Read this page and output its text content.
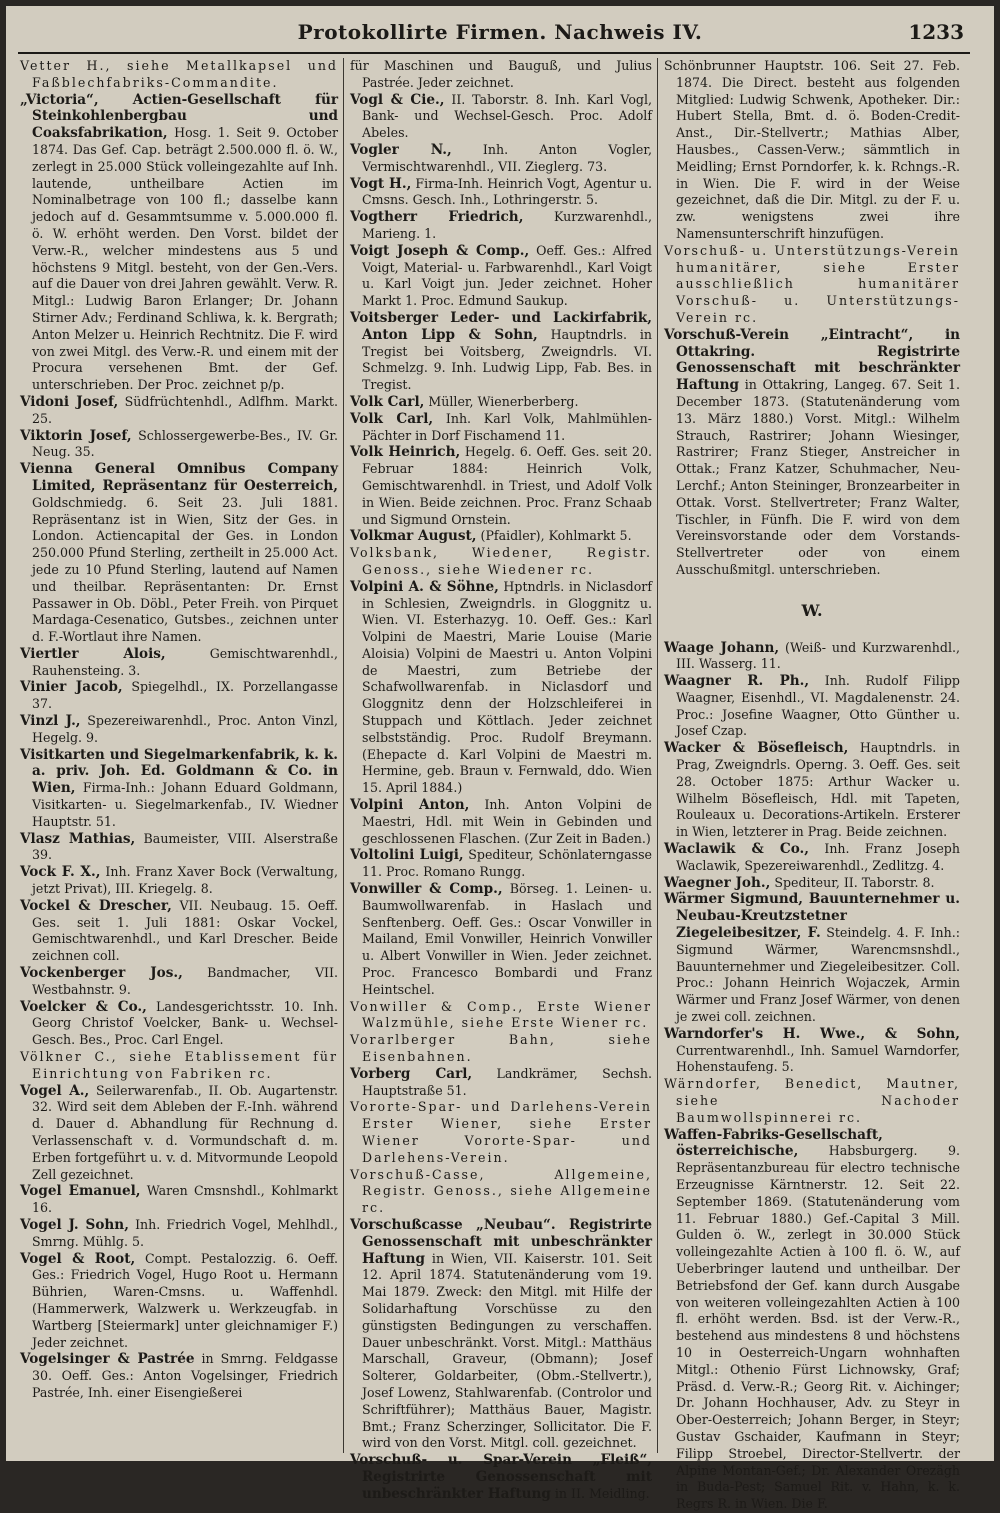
Protokollirte Firmen. Nachweis IV.	1233

Vetter H., siehe Metallkapsel und Faßblechfabriks-Commandite.

„Victoria“, Actien-Gesellschaft für Steinkohlenbergbau und Coaksfabrikation, Hosg. 1. Seit 9. October 1874. Das Gef. Cap. beträgt 2.500.000 fl. ö. W., zerlegt in 25.000 Stück volleingezahlte auf Inh. lautende, untheilbare Actien im Nominalbetrage von 100 fl.; dasselbe kann jedoch auf d. Gesammtsumme v. 5.000.000 fl. ö. W. erhöht werden. Den Vorst. bildet der Verw.-R., welcher mindestens aus 5 und höchstens 9 Mitgl. besteht, von der Gen.-Vers. auf die Dauer von drei Jahren gewählt. Verw. R. Mitgl.: Ludwig Baron Erlanger; Dr. Johann Stirner Adv.; Ferdinand Schliwa, k. k. Bergrath; Anton Melzer u. Heinrich Rechtnitz. Die F. wird von zwei Mitgl. des Verw.-R. und einem mit der Procura versehenen Bmt. der Gef. unterschrieben. Der Proc. zeichnet p/p.

Vidoni Josef, Südfrüchtenhdl., Adlfhm. Markt. 25.

Viktorin Josef, Schlossergewerbe-Bes., IV. Gr. Neug. 35.

Vienna General Omnibus Company Limited, Repräsentanz für Oesterreich, Goldschmiedg. 6. Seit 23. Juli 1881. Repräsentanz ist in Wien, Sitz der Ges. in London. Actiencapital der Ges. in London 250.000 Pfund Sterling, zertheilt in 25.000 Act. jede zu 10 Pfund Sterling, lautend auf Namen und theilbar. Repräsentanten: Dr. Ernst Passawer in Ob. Döbl., Peter Freih. von Pirquet Mardaga-Cesenatico, Gutsbes., zeichnen unter d. F.-Wortlaut ihre Namen.

Viertler Alois, Gemischtwarenhdl., Rauhensteing. 3.

Vinier Jacob, Spiegelhdl., IX. Porzellangasse 37.

Vinzl J., Spezereiwarenhdl., Proc. Anton Vinzl, Hegelg. 9.

Visitkarten und Siegelmarkenfabrik, k. k. a. priv. Joh. Ed. Goldmann & Co. in Wien, Firma-Inh.: Johann Eduard Goldmann, Visitkarten- u. Siegelmarkenfab., IV. Wiedner Hauptstr. 51.

Vlasz Mathias, Baumeister, VIII. Alserstraße 39.

Vock F. X., Inh. Franz Xaver Bock (Verwaltung, jetzt Privat), III. Kriegelg. 8.

Vockel & Drescher, VII. Neubaug. 15. Oeff. Ges. seit 1. Juli 1881: Oskar Vockel, Gemischtwarenhdl., und Karl Drescher. Beide zeichnen coll.

Vockenberger Jos., Bandmacher, VII. Westbahnstr. 9.

Voelcker & Co., Landesgerichtsstr. 10. Inh. Georg Christof Voelcker, Bank- u. Wechsel-Gesch. Bes., Proc. Carl Engel.

Völkner C., siehe Etablissement für Einrichtung von Fabriken rc.

Vogel A., Seilerwarenfab., II. Ob. Augartenstr. 32. Wird seit dem Ableben der F.-Inh. während d. Dauer d. Abhandlung für Rechnung d. Verlassenschaft v. d. Vormundschaft d. m. Erben fortgeführt u. v. d. Mitvormunde Leopold Zell gezeichnet.

Vogel Emanuel, Waren Cmsnshdl., Kohlmarkt 16.

Vogel J. Sohn, Inh. Friedrich Vogel, Mehlhdl., Smrng. Mühlg. 5.

Vogel & Root, Compt. Pestalozzig. 6. Oeff. Ges.: Friedrich Vogel, Hugo Root u. Hermann Bührien, Waren-Cmsns. u. Waffenhdl. (Hammerwerk, Walzwerk u. Werkzeugfab. in Wartberg [Steiermark] unter gleichnamiger F.) Jeder zeichnet.

Vogelsinger & Pastrée in Smrng. Feldgasse 30. Oeff. Ges.: Anton Vogelsinger, Friedrich Pastrée, Inh. einer Eisengießerei

für Maschinen und Bauguß, und Julius Pastrée. Jeder zeichnet.

Vogl & Cie., II. Taborstr. 8. Inh. Karl Vogl, Bank- und Wechsel-Gesch. Proc. Adolf Abeles.

Vogler N., Inh. Anton Vogler, Vermischtwarenhdl., VII. Zieglerg. 73.

Vogt H., Firma-Inh. Heinrich Vogt, Agentur u. Cmsns. Gesch. Inh., Lothringerstr. 5.

Vogtherr Friedrich, Kurzwarenhdl., Marieng. 1.

Voigt Joseph & Comp., Oeff. Ges.: Alfred Voigt, Material- u. Farbwarenhdl., Karl Voigt u. Karl Voigt jun. Jeder zeichnet. Hoher Markt 1. Proc. Edmund Saukup.

Voitsberger Leder- und Lackirfabrik, Anton Lipp & Sohn, Hauptndrls. in Tregist bei Voitsberg, Zweigndrls. VI. Schmelzg. 9. Inh. Ludwig Lipp, Fab. Bes. in Tregist.

Volk Carl, Müller, Wienerberberg.

Volk Carl, Inh. Karl Volk, Mahlmühlen-Pächter in Dorf Fischamend 11.

Volk Heinrich, Hegelg. 6. Oeff. Ges. seit 20. Februar 1884: Heinrich Volk, Gemischtwarenhdl. in Triest, und Adolf Volk in Wien. Beide zeichnen. Proc. Franz Schaab und Sigmund Ornstein.

Volkmar August, (Pfaidler), Kohlmarkt 5.

Volksbank, Wiedener, Registr. Genoss., siehe Wiedener rc.

Volpini A. & Söhne, Hptndrls. in Niclasdorf in Schlesien, Zweigndrls. in Gloggnitz u. Wien. VI. Esterhazyg. 10. Oeff. Ges.: Karl Volpini de Maestri, Marie Louise (Marie Aloisia) Volpini de Maestri u. Anton Volpini de Maestri, zum Betriebe der Schafwollwarenfab. in Niclasdorf und Gloggnitz denn der Holzschleiferei in Stuppach und Köttlach. Jeder zeichnet selbstständig. Proc. Rudolf Breymann. (Ehepacte d. Karl Volpini de Maestri m. Hermine, geb. Braun v. Fernwald, ddo. Wien 15. April 1884.)

Volpini Anton, Inh. Anton Volpini de Maestri, Hdl. mit Wein in Gebinden und geschlossenen Flaschen. (Zur Zeit in Baden.)

Voltolini Luigi, Spediteur, Schönlaterngasse 11. Proc. Romano Rungg.

Vonwiller & Comp., Börseg. 1. Leinen- u. Baumwollwarenfab. in Haslach und Senftenberg. Oeff. Ges.: Oscar Vonwiller in Mailand, Emil Vonwiller, Heinrich Vonwiller u. Albert Vonwiller in Wien. Jeder zeichnet. Proc. Francesco Bombardi und Franz Heintschel.

Vonwiller & Comp., Erste Wiener Walzmühle, siehe Erste Wiener rc.

Vorarlberger Bahn, siehe Eisenbahnen.

Vorberg Carl, Landkrämer, Sechsh. Hauptstraße 51.

Vororte-Spar- und Darlehens-Verein Erster Wiener, siehe Erster Wiener Vororte-Spar- und Darlehens-Verein.

Vorschuß-Casse, Allgemeine, Registr. Genoss., siehe Allgemeine rc.

Vorschußcasse „Neubau“. Registrirte Genossenschaft mit unbeschränkter Haftung in Wien, VII. Kaiserstr. 101. Seit 12. April 1874. Statutenänderung vom 19. Mai 1879. Zweck: den Mitgl. mit Hilfe der Solidarhaftung Vorschüsse zu den günstigsten Bedingungen zu verschaffen. Dauer unbeschränkt. Vorst. Mitgl.: Matthäus Marschall, Graveur, (Obmann); Josef Solterer, Goldarbeiter, (Obm.-Stellvertr.), Josef Lowenz, Stahlwarenfab. (Controlor und Schriftführer); Matthäus Bauer, Magistr. Bmt.; Franz Scherzinger, Sollicitator. Die F. wird von den Vorst. Mitgl. coll. gezeichnet.

Vorschuß- u. Spar-Verein „Fleiß“, Registrirte Genossenschaft mit unbeschränkter Haftung in II. Meidling.

Schönbrunner Hauptstr. 106. Seit 27. Feb. 1874. Die Direct. besteht aus folgenden Mitglied: Ludwig Schwenk, Apotheker. Dir.: Hubert Stella, Bmt. d. ö. Boden-Credit-Anst., Dir.-Stellvertr.; Mathias Alber, Hausbes., Cassen-Verw.; sämmtlich in Meidling; Ernst Porndorfer, k. k. Rchngs.-R. in Wien. Die F. wird in der Weise gezeichnet, daß die Dir. Mitgl. zu der F. u. zw. wenigstens zwei ihre Namensunterschrift hinzufügen.

Vorschuß- u. Unterstützungs-Verein humanitärer, siehe Erster ausschließlich humanitärer Vorschuß- u. Unterstützungs-Verein rc.

Vorschuß-Verein „Eintracht“, in Ottakring. Registrirte Genossenschaft mit beschränkter Haftung in Ottakring, Langeg. 67. Seit 1. December 1873. (Statutenänderung vom 13. März 1880.) Vorst. Mitgl.: Wilhelm Strauch, Rastrirer; Johann Wiesinger, Rastrirer; Franz Stieger, Anstreicher in Ottak.; Franz Katzer, Schuhmacher, Neu-Lerchf.; Anton Steininger, Bronzearbeiter in Ottak. Vorst. Stellvertreter; Franz Walter, Tischler, in Fünfh. Die F. wird von dem Vereinsvorstande oder dem Vorstands-Stellvertreter oder von einem Ausschußmitgl. unterschrieben.

W.

Waage Johann, (Weiß- und Kurzwarenhdl., III. Wasserg. 11.

Waagner R. Ph., Inh. Rudolf Filipp Waagner, Eisenhdl., VI. Magdalenenstr. 24. Proc.: Josefine Waagner, Otto Günther u. Josef Czap.

Wacker & Bösefleisch, Hauptndrls. in Prag, Zweigndrls. Operng. 3. Oeff. Ges. seit 28. October 1875: Arthur Wacker u. Wilhelm Bösefleisch, Hdl. mit Tapeten, Rouleaux u. Decorations-Artikeln. Ersterer in Wien, letzterer in Prag. Beide zeichnen.

Waclawik & Co., Inh. Franz Joseph Waclawik, Spezereiwarenhdl., Zedlitzg. 4.

Waegner Joh., Spediteur, II. Taborstr. 8.

Wärmer Sigmund, Bauunternehmer u. Neubau-Kreutzstetner Ziegeleibesitzer, F. Steindelg. 4. F. Inh.: Sigmund Wärmer, Warencmsnshdl., Bauunternehmer und Ziegeleibesitzer. Coll. Proc.: Johann Heinrich Wojaczek, Armin Wärmer und Franz Josef Wärmer, von denen je zwei coll. zeichnen.

Warndorfer's H. Wwe., & Sohn, Currentwarenhdl., Inh. Samuel Warndorfer, Hohenstaufeng. 5.

Wärndorfer, Benedict, Mautner, siehe Nachoder Baumwollspinnerei rc.

Waffen-Fabriks-Gesellschaft, österreichische, Habsburgerg. 9. Repräsentanzbureau für electro technische Erzeugnisse Kärntnerstr. 12. Seit 22. September 1869. (Statutenänderung vom 11. Februar 1880.) Gef.-Capital 3 Mill. Gulden ö. W., zerlegt in 30.000 Stück volleingezahlte Actien à 100 fl. ö. W., auf Ueberbringer lautend und untheilbar. Der Betriebsfond der Gef. kann durch Ausgabe von weiteren volleingezahlten Actien à 100 fl. erhöht werden. Bsd. ist der Verw.-R., bestehend aus mindestens 8 und höchstens 10 in Oesterreich-Ungarn wohnhaften Mitgl.: Othenio Fürst Lichnowsky, Graf; Präsd. d. Verw.-R.; Georg Rit. v. Aichinger; Dr. Johann Hochhauser, Adv. zu Steyr in Ober-Oesterreich; Johann Berger, in Steyr; Gustav Gschaider, Kaufmann in Steyr; Filipp Stroebel, Director-Stellvertr. der Alpine Montan-Gef.; Dr. Alexander Orezägh in Buda-Pest; Samuel Rit. v. Hahn, k. k. Regrs R. in Wien. Die F.
